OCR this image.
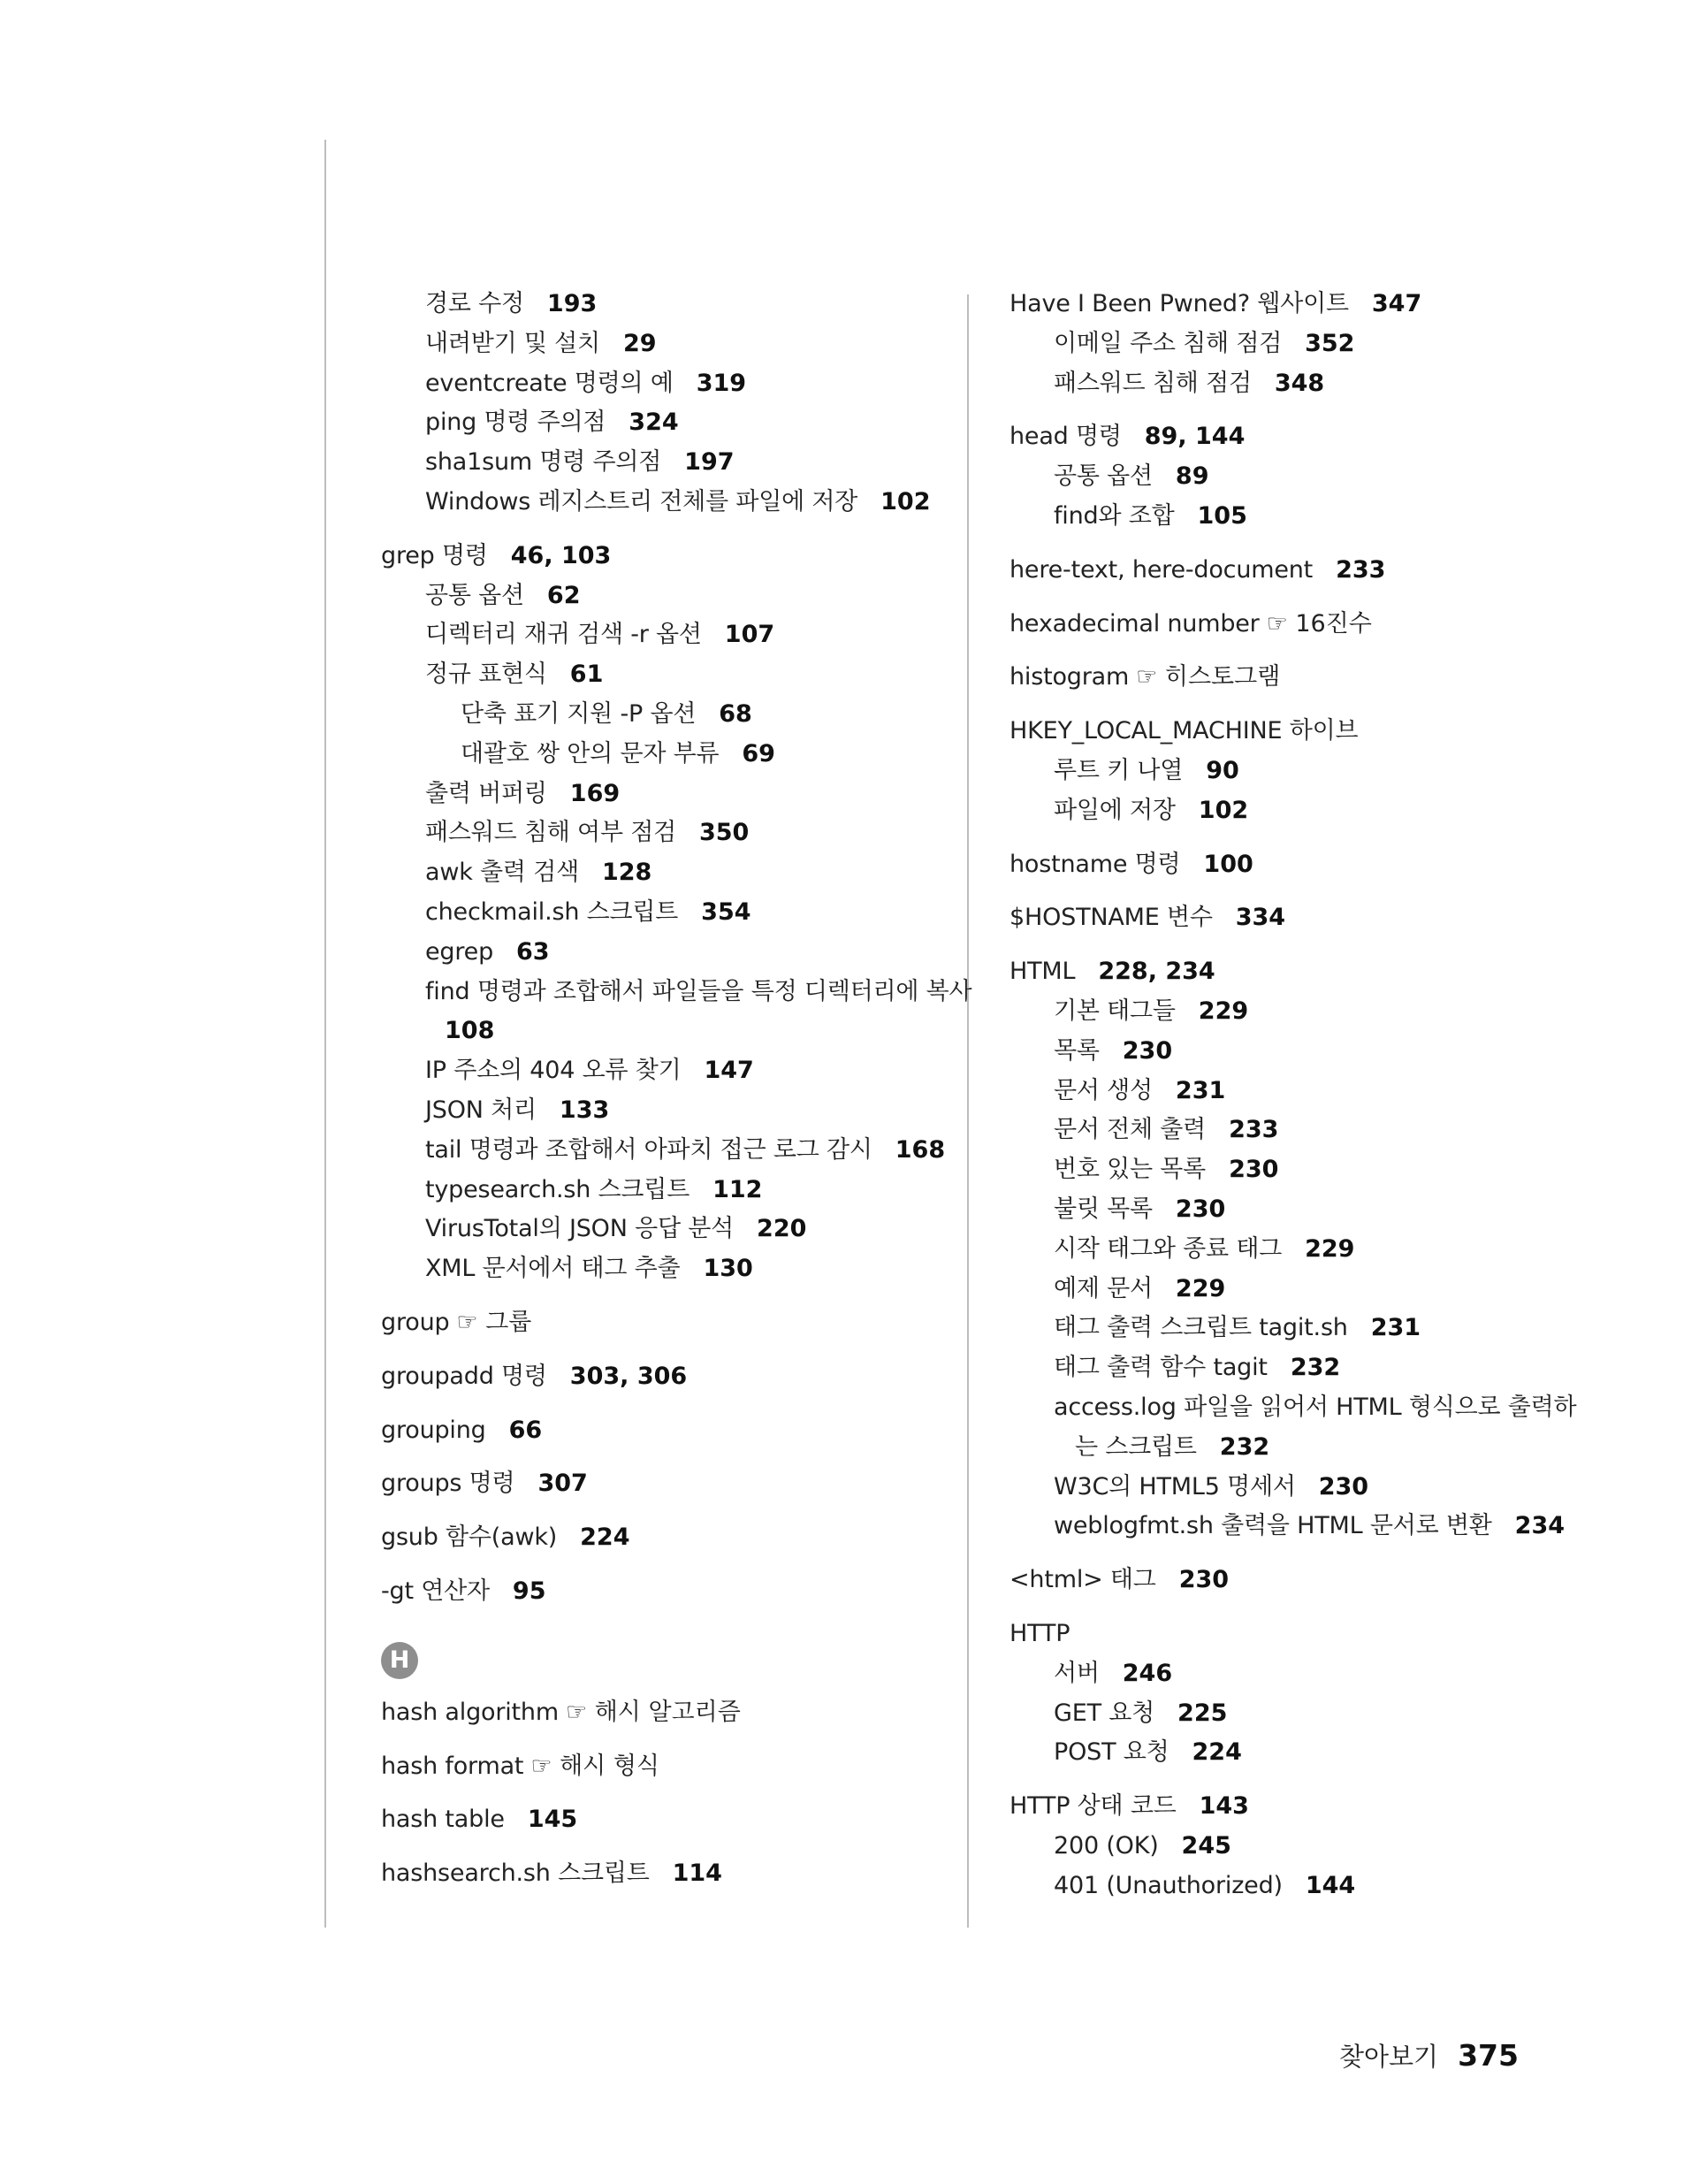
경로 수정 193
내려받기 및 설치 29
eventcreate 명령의 예 319
ping 명령 주의점 324
sha1sum 명령 주의점 197
Windows 레지스트리 전체를 파일에 저장 102
grep 명령 46, 103
공통 옵션 62
디렉터리 재귀 검색 -r 옵션 107
정규 표현식 61
단축 표기 지원 -P 옵션 68
대괄호 쌍 안의 문자 부류 69
출력 버퍼링 169
패스워드 침해 여부 점검 350
awk 출력 검색 128
checkmail.sh 스크립트 354
egrep 63
find 명령과 조합해서 파일들을 특정 디렉터리에 복사
108
IP 주소의 404 오류 찾기 147
JSON 처리 133
tail 명령과 조합해서 아파치 접근 로그 감시 168
typesearch.sh 스크립트 112
VirusTotal의 JSON 응답 분석 220
XML 문서에서 태그 추출 130
group ☞ 그룹
groupadd 명령 303, 306
grouping 66
groups 명령 307
gsub 함수(awk) 224
-gt 연산자 95
H
hash algorithm ☞ 해시 알고리즘
hash format ☞ 해시 형식
hash table 145
hashsearch.sh 스크립트 114
Have I Been Pwned? 웹사이트 347
이메일 주소 침해 점검 352
패스워드 침해 점검 348
head 명령 89, 144
공통 옵션 89
find와 조합 105
here-text, here-document 233
hexadecimal number ☞ 16진수
histogram ☞ 히스토그램
HKEY_LOCAL_MACHINE 하이브
루트 키 나열 90
파일에 저장 102
hostname 명령 100
$HOSTNAME 변수 334
HTML 228, 234
기본 태그들 229
목록 230
문서 생성 231
문서 전체 출력 233
번호 있는 목록 230
불릿 목록 230
시작 태그와 종료 태그 229
예제 문서 229
태그 출력 스크립트 tagit.sh 231
태그 출력 함수 tagit 232
access.log 파일을 읽어서 HTML 형식으로 출력하
는 스크립트 232
W3C의 HTML5 명세서 230
weblogfmt.sh 출력을 HTML 문서로 변환 234
<html> 태그 230
HTTP
서버 246
GET 요청 225
POST 요청 224
HTTP 상태 코드 143
200 (OK) 245
401 (Unauthorized) 144
찾아보기 375
